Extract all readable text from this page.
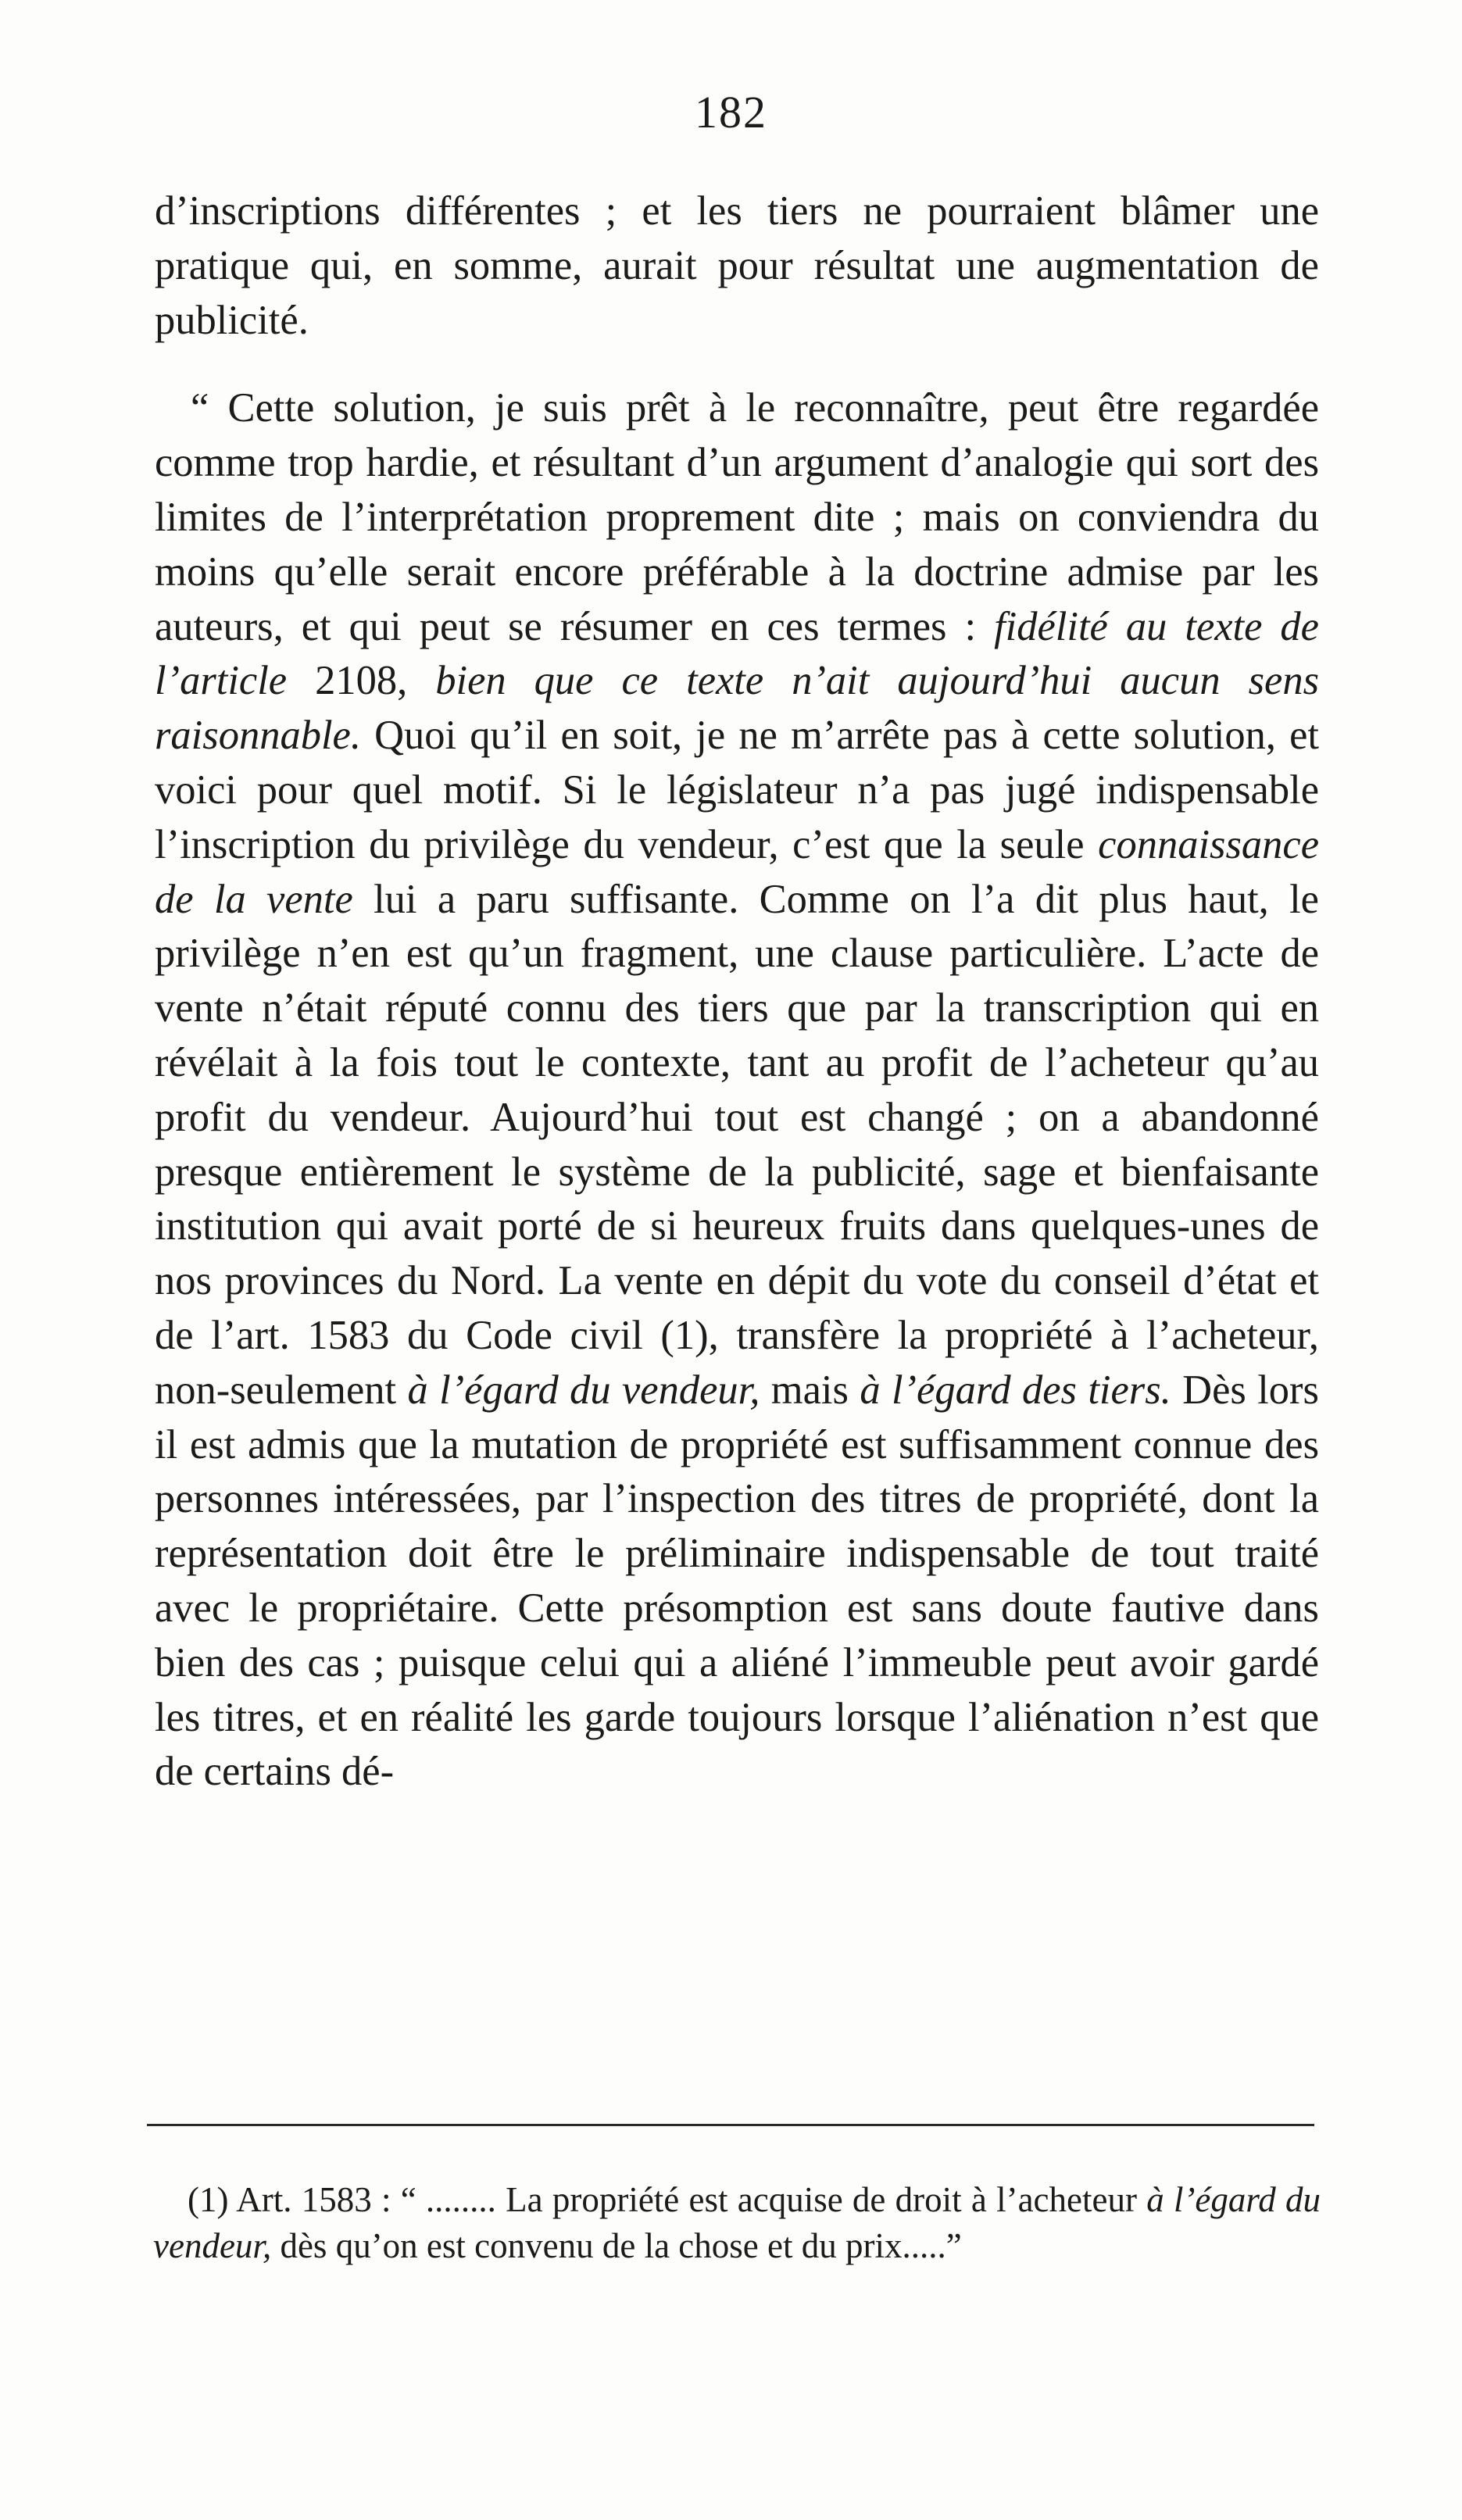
182

d’inscriptions différentes ; et les tiers ne pourraient blâmer une pratique qui, en somme, aurait pour résultat une augmentation de publicité.

“ Cette solution, je suis prêt à le reconnaître, peut être regardée comme trop hardie, et résultant d’un argument d’analogie qui sort des limites de l’interprétation proprement dite ; mais on conviendra du moins qu’elle serait encore préférable à la doctrine admise par les auteurs, et qui peut se résumer en ces termes : fidélité au texte de l’article 2108, bien que ce texte n’ait aujourd’hui aucun sens raisonnable. Quoi qu’il en soit, je ne m’arrête pas à cette solution, et voici pour quel motif. Si le législateur n’a pas jugé indispensable l’inscription du privilège du vendeur, c’est que la seule connaissance de la vente lui a paru suffisante. Comme on l’a dit plus haut, le privilège n’en est qu’un fragment, une clause particulière. L’acte de vente n’était réputé connu des tiers que par la transcription qui en révélait à la fois tout le contexte, tant au profit de l’acheteur qu’au profit du vendeur. Aujourd’hui tout est changé ; on a abandonné presque entièrement le système de la publicité, sage et bienfaisante institution qui avait porté de si heureux fruits dans quelques-unes de nos provinces du Nord. La vente en dépit du vote du conseil d’état et de l’art. 1583 du Code civil (1), transfère la propriété à l’acheteur, non-seulement à l’égard du vendeur, mais à l’égard des tiers. Dès lors il est admis que la mutation de propriété est suffisamment connue des personnes intéressées, par l’inspection des titres de propriété, dont la représentation doit être le préliminaire indispensable de tout traité avec le propriétaire. Cette présomption est sans doute fautive dans bien des cas ; puisque celui qui a aliéné l’immeuble peut avoir gardé les titres, et en réalité les garde toujours lorsque l’aliénation n’est que de certains dé-

(1) Art. 1583 : “ ........ La propriété est acquise de droit à l’acheteur à l’égard du vendeur, dès qu’on est convenu de la chose et du prix.....”
